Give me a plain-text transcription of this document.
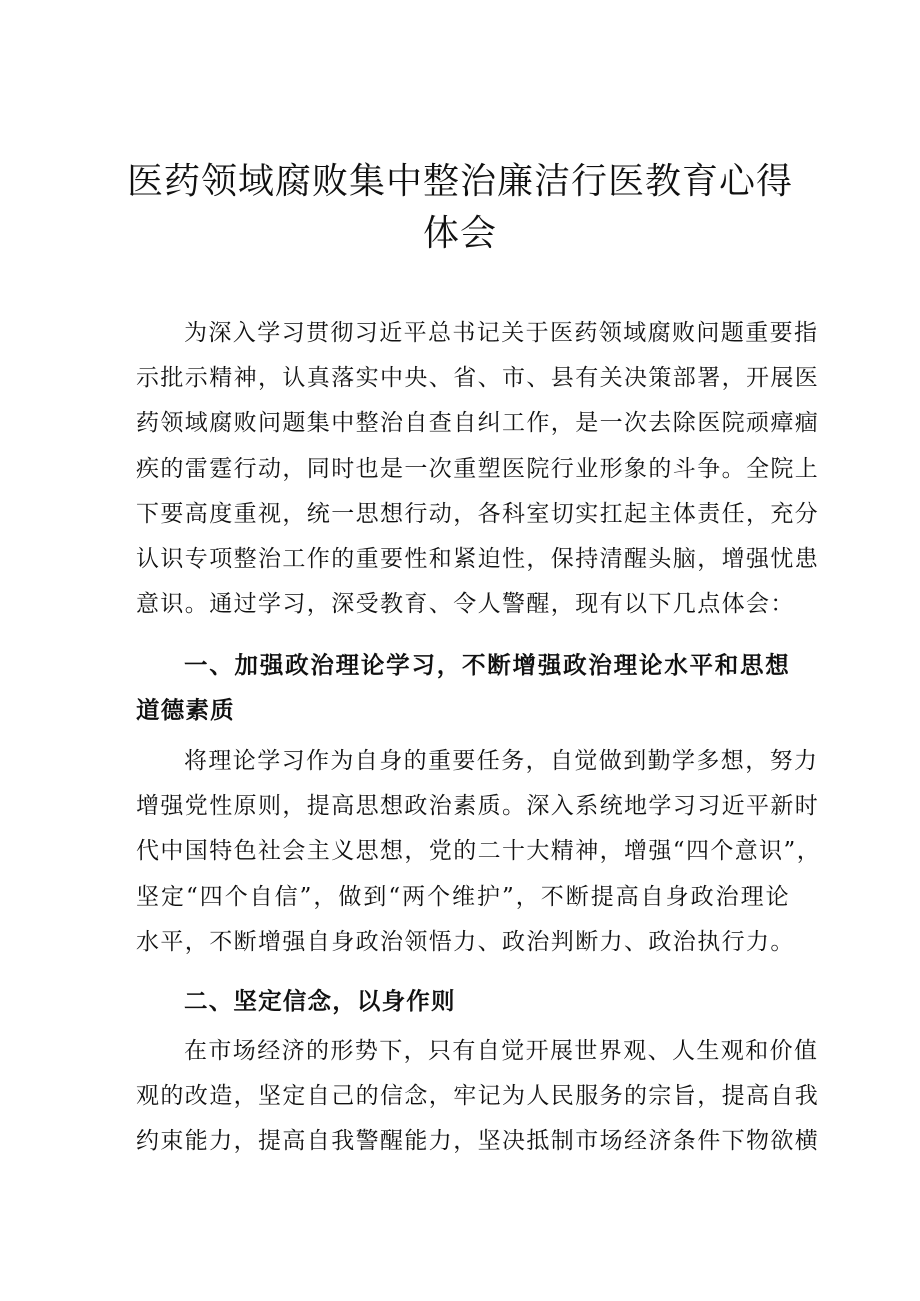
医药领域腐败集中整治廉洁行医教育心得
体会
为深入学习贯彻习近平总书记关于医药领域腐败问题重要指
示批示精神，认真落实中央、省、市、县有关决策部署，开展医
药领域腐败问题集中整治自查自纠工作，是一次去除医院顽瘴痼
疾的雷霆行动，同时也是一次重塑医院行业形象的斗争。全院上
下要高度重视，统一思想行动，各科室切实扛起主体责任，充分
认识专项整治工作的重要性和紧迫性，保持清醒头脑，增强忧患
意识。通过学习，深受教育、令人警醒，现有以下几点体会：
一、加强政治理论学习，不断增强政治理论水平和思想
道德素质
将理论学习作为自身的重要任务，自觉做到勤学多想，努力
增强党性原则，提高思想政治素质。深入系统地学习习近平新时
代中国特色社会主义思想，党的二十大精神，增强“四个意识”，
坚定“四个自信”，做到“两个维护”，不断提高自身政治理论
水平，不断增强自身政治领悟力、政治判断力、政治执行力。
二、坚定信念，以身作则
在市场经济的形势下，只有自觉开展世界观、人生观和价值
观的改造，坚定自己的信念，牢记为人民服务的宗旨，提高自我
约束能力，提高自我警醒能力，坚决抵制市场经济条件下物欲横
